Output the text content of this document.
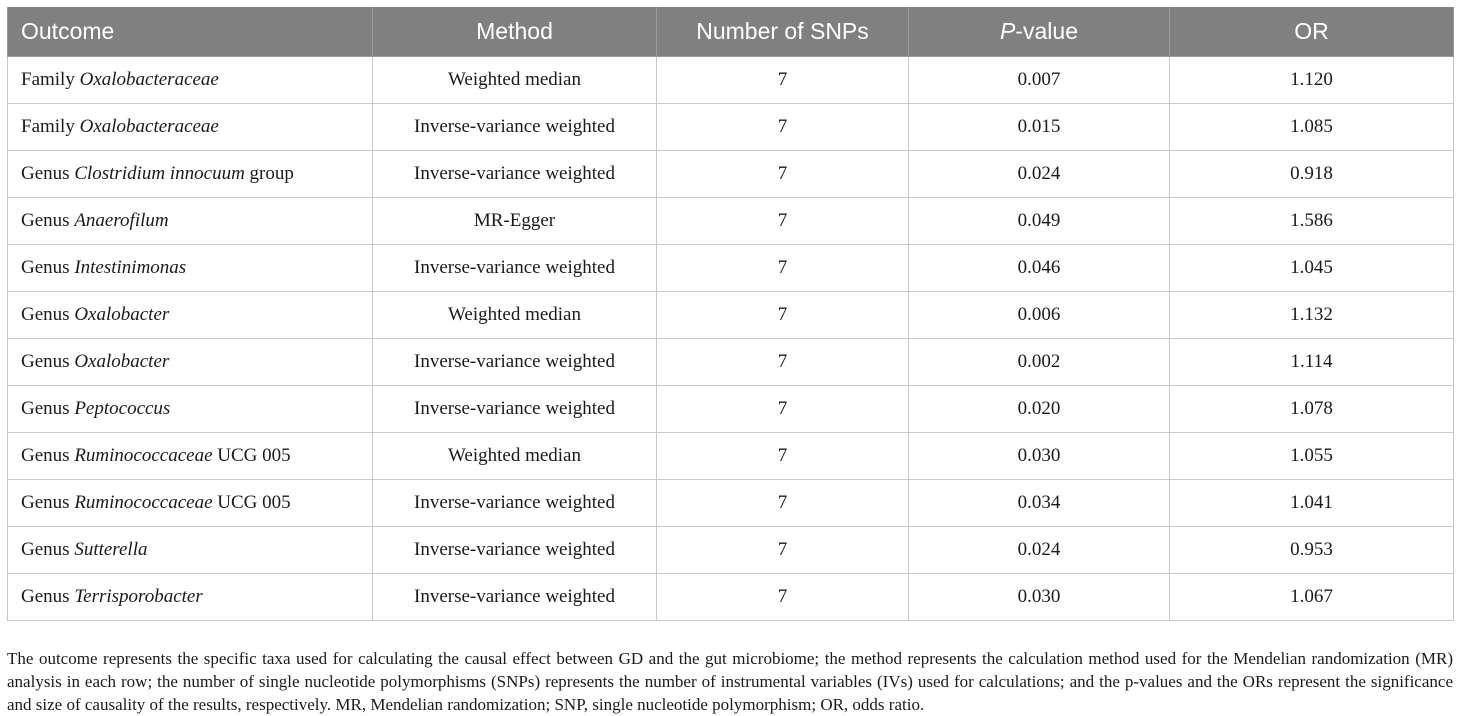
Outcome	Method	Number of SNPs	P-value	OR
Family Oxalobacteraceae	Weighted median	7	0.007	1.120
Family Oxalobacteraceae	Inverse-variance weighted	7	0.015	1.085
Genus Clostridium innocuum group	Inverse-variance weighted	7	0.024	0.918
Genus Anaerofilum	MR-Egger	7	0.049	1.586
Genus Intestinimonas	Inverse-variance weighted	7	0.046	1.045
Genus Oxalobacter	Weighted median	7	0.006	1.132
Genus Oxalobacter	Inverse-variance weighted	7	0.002	1.114
Genus Peptococcus	Inverse-variance weighted	7	0.020	1.078
Genus Ruminococcaceae UCG 005	Weighted median	7	0.030	1.055
Genus Ruminococcaceae UCG 005	Inverse-variance weighted	7	0.034	1.041
Genus Sutterella	Inverse-variance weighted	7	0.024	0.953
Genus Terrisporobacter	Inverse-variance weighted	7	0.030	1.067

The outcome represents the specific taxa used for calculating the causal effect between GD and the gut microbiome; the method represents the calculation method used for the Mendelian randomization (MR) analysis in each row; the number of single nucleotide polymorphisms (SNPs) represents the number of instrumental variables (IVs) used for calculations; and the p-values and the ORs represent the significance and size of causality of the results, respectively. MR, Mendelian randomization; SNP, single nucleotide polymorphism; OR, odds ratio.
